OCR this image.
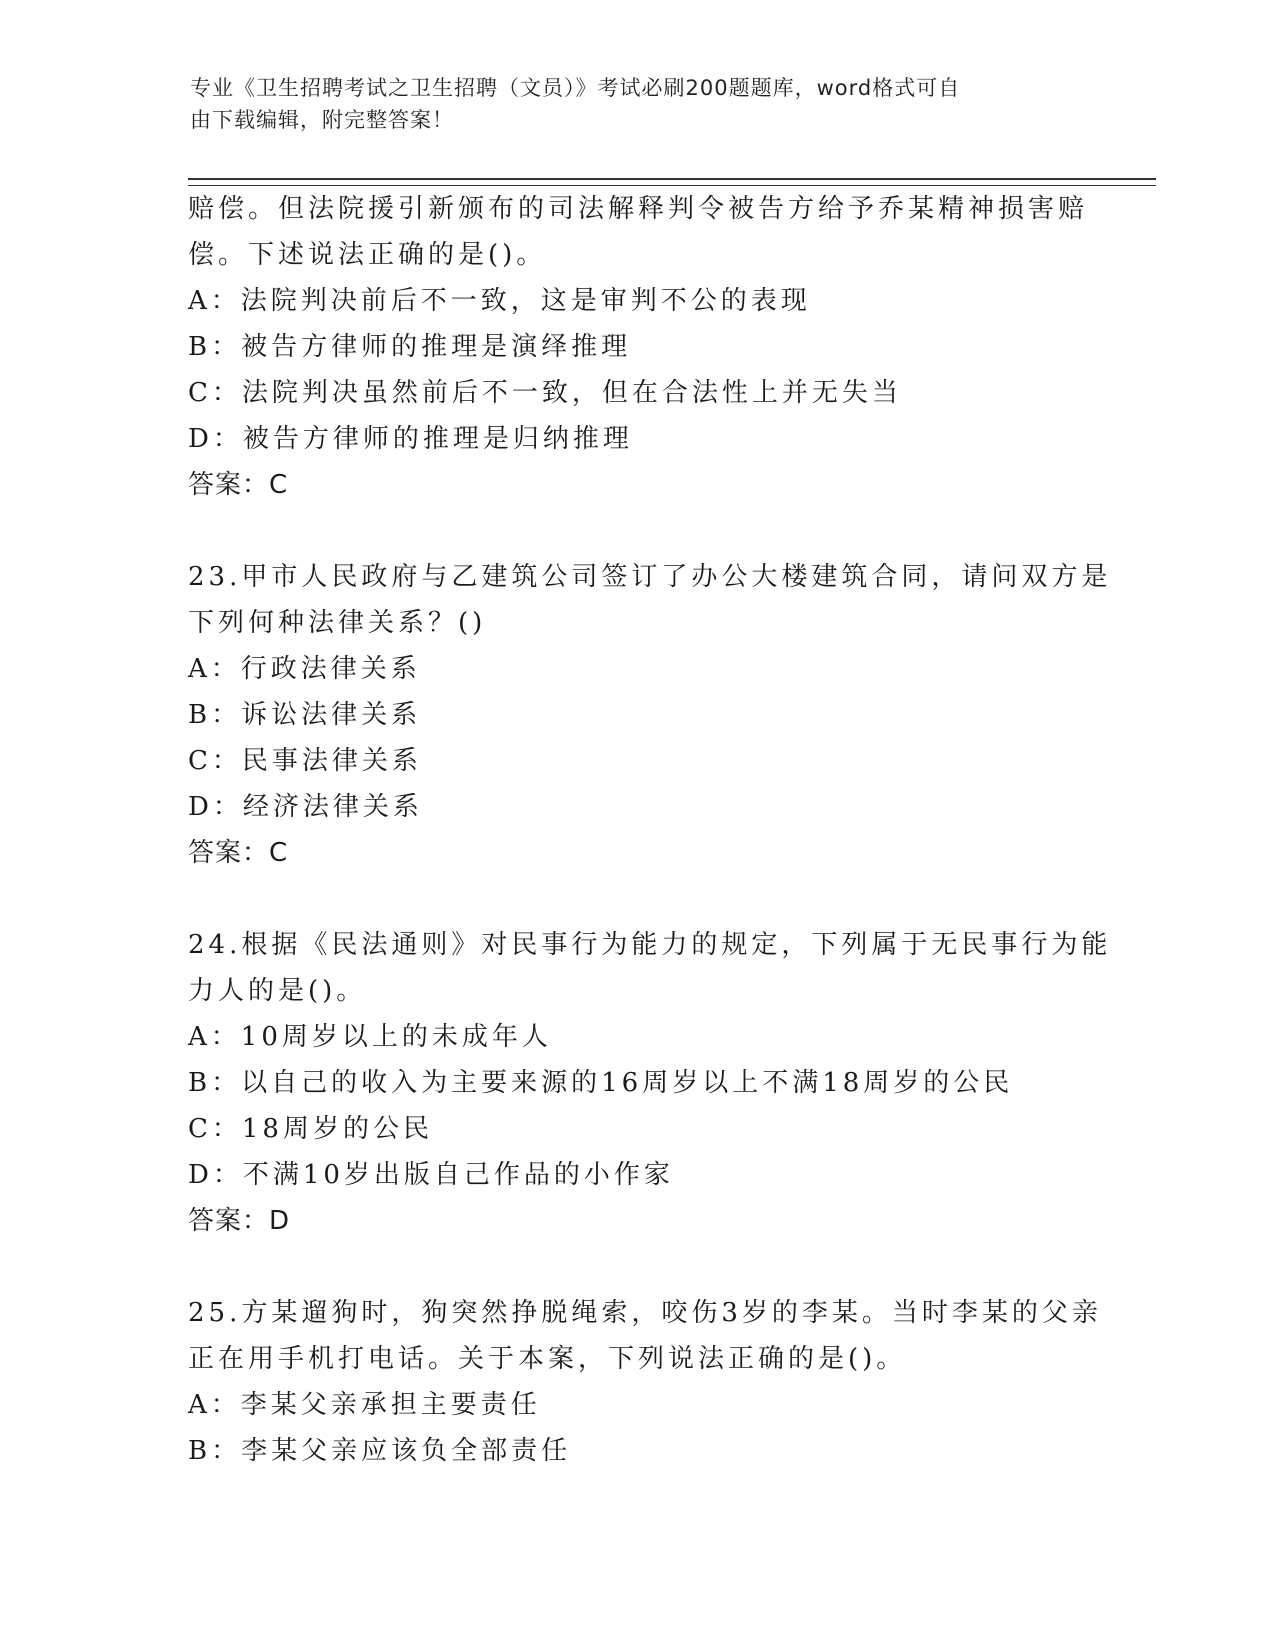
专业《卫生招聘考试之卫生招聘（文员）》考试必刷200题题库，word格式可自
由下载编辑，附完整答案！
赔偿。但法院援引新颁布的司法解释判令被告方给予乔某精神损害赔
偿。下述说法正确的是()。
A：法院判决前后不一致，这是审判不公的表现
B：被告方律师的推理是演绎推理
C：法院判决虽然前后不一致，但在合法性上并无失当
D：被告方律师的推理是归纳推理
答案：C
23.甲市人民政府与乙建筑公司签订了办公大楼建筑合同，请问双方是
下列何种法律关系？()
A：行政法律关系
B：诉讼法律关系
C：民事法律关系
D：经济法律关系
答案：C
24.根据《民法通则》对民事行为能力的规定，下列属于无民事行为能
力人的是()。
A：10周岁以上的未成年人
B：以自己的收入为主要来源的16周岁以上不满18周岁的公民
C：18周岁的公民
D：不满10岁出版自己作品的小作家
答案：D
25.方某遛狗时，狗突然挣脱绳索，咬伤3岁的李某。当时李某的父亲
正在用手机打电话。关于本案，下列说法正确的是()。
A：李某父亲承担主要责任
B：李某父亲应该负全部责任
